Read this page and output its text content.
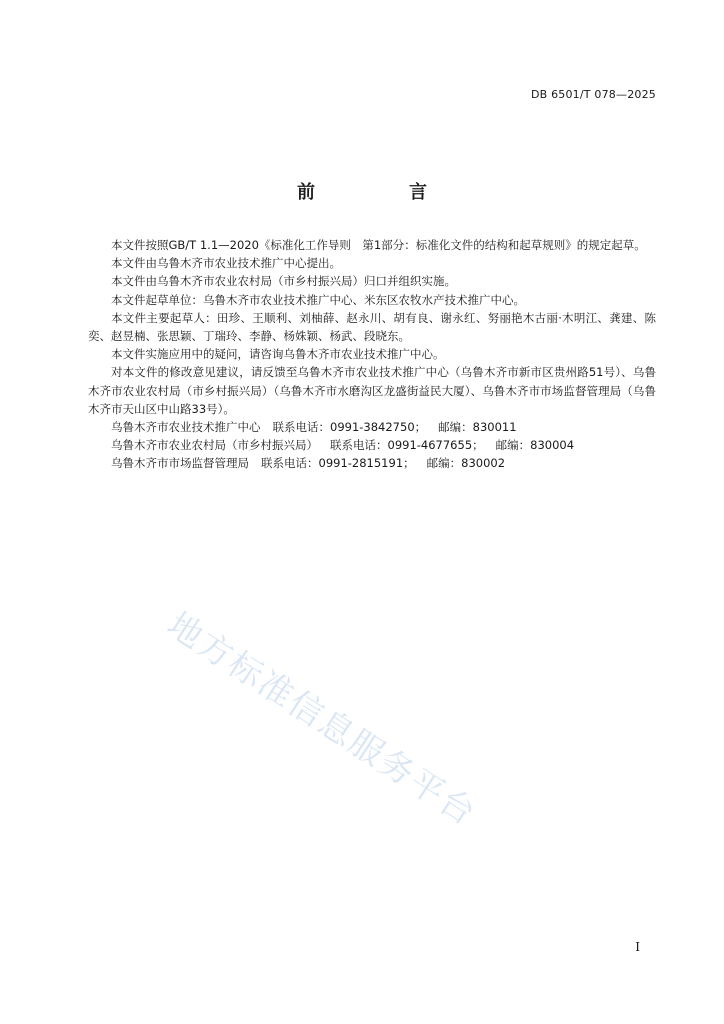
DB 6501/T 078—2025
前　言

本文件按照GB/T 1.1—2020《标准化工作导则　第1部分：标准化文件的结构和起草规则》的规定起草。

本文件由乌鲁木齐市农业技术推广中心提出。

本文件由乌鲁木齐市农业农村局（市乡村振兴局）归口并组织实施。

本文件起草单位：乌鲁木齐市农业技术推广中心、米东区农牧水产技术推广中心。

本文件主要起草人：田珍、王顺利、刘柚薛、赵永川、胡有良、谢永红、努丽艳木古丽·木明江、龚建、陈奕、赵昱楠、张思颖、丁瑞玲、李静、杨姝颖、杨武、段晓东。

本文件实施应用中的疑问，请咨询乌鲁木齐市农业技术推广中心。

对本文件的修改意见建议，请反馈至乌鲁木齐市农业技术推广中心（乌鲁木齐市新市区贵州路51号）、乌鲁木齐市农业农村局（市乡村振兴局）（乌鲁木齐市水磨沟区龙盛街益民大厦）、乌鲁木齐市市场监督管理局（乌鲁木齐市天山区中山路33号）。

乌鲁木齐市农业技术推广中心 联系电话：0991-3842750； 邮编：830011

乌鲁木齐市农业农村局（市乡村振兴局） 联系电话：0991-4677655； 邮编：830004

乌鲁木齐市市场监督管理局 联系电话：0991-2815191； 邮编：830002

地方标准信息服务平台
I
